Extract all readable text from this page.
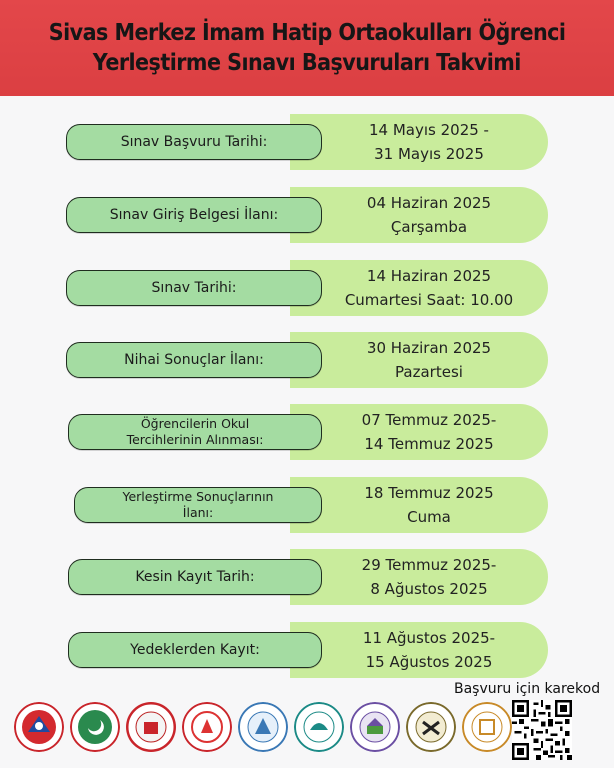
Sivas Merkez İmam Hatip Ortaokulları Öğrenci
Yerleştirme Sınavı Başvuruları Takvimi
14 Mayıs 2025 -
31 Mayıs 2025
Sınav Başvuru Tarihi:
04 Haziran 2025
Çarşamba
Sınav Giriş Belgesi İlanı:
14 Haziran 2025
Cumartesi Saat: 10.00
Sınav Tarihi:
30 Haziran 2025
Pazartesi
Nihai Sonuçlar İlanı:
07 Temmuz 2025-
14 Temmuz 2025
Öğrencilerin Okul
Tercihlerinin Alınması:
18 Temmuz 2025
Cuma
Yerleştirme Sonuçlarının
İlanı:
29 Temmuz 2025-
8 Ağustos 2025
Kesin Kayıt Tarih:
11 Ağustos 2025-
15 Ağustos 2025
Yedeklerden Kayıt:
Başvuru için karekod
